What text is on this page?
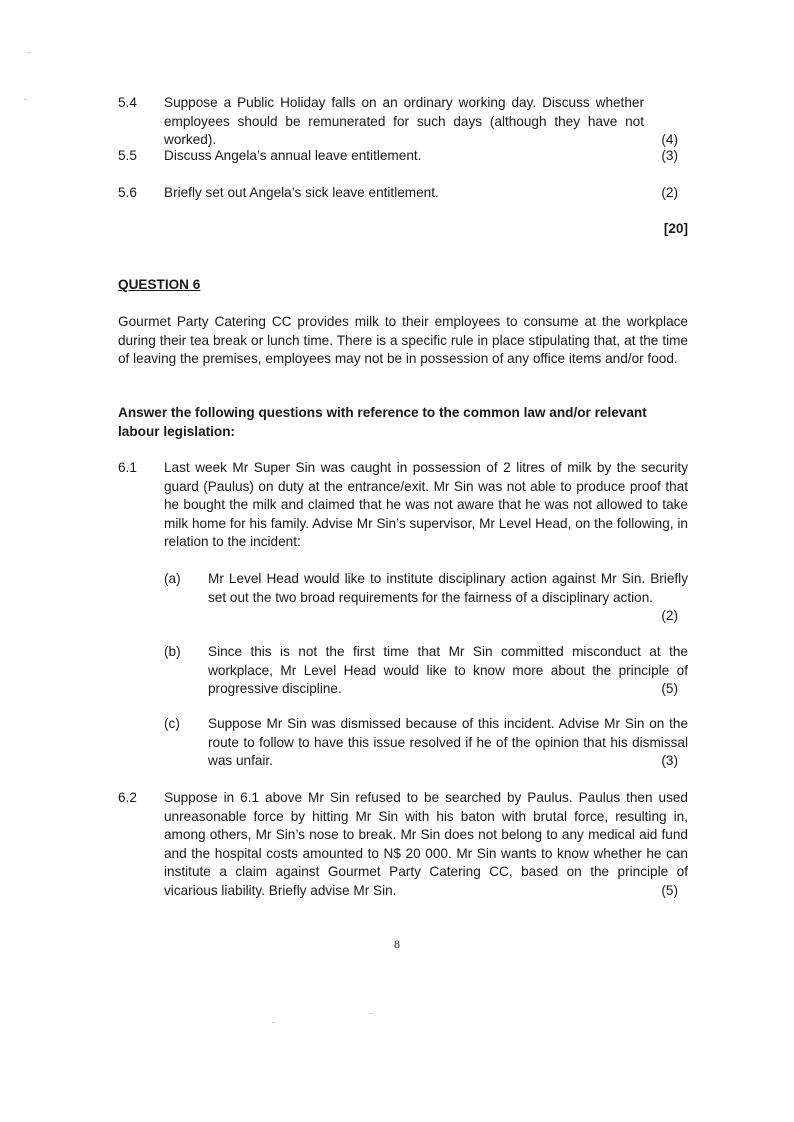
5.4	Suppose a Public Holiday falls on an ordinary working day. Discuss whether employees should be remunerated for such days (although they have not worked).	(4)
5.5	Discuss Angela’s annual leave entitlement.	(3)
5.6	Briefly set out Angela’s sick leave entitlement.	(2)
[20]
QUESTION 6
Gourmet Party Catering CC provides milk to their employees to consume at the workplace during their tea break or lunch time. There is a specific rule in place stipulating that, at the time of leaving the premises, employees may not be in possession of any office items and/or food.
Answer the following questions with reference to the common law and/or relevant labour legislation:
6.1	Last week Mr Super Sin was caught in possession of 2 litres of milk by the security guard (Paulus) on duty at the entrance/exit. Mr Sin was not able to produce proof that he bought the milk and claimed that he was not aware that he was not allowed to take milk home for his family. Advise Mr Sin’s supervisor, Mr Level Head, on the following, in relation to the incident:
(a)	Mr Level Head would like to institute disciplinary action against Mr Sin. Briefly set out the two broad requirements for the fairness of a disciplinary action.
(2)
(b)	Since this is not the first time that Mr Sin committed misconduct at the workplace, Mr Level Head would like to know more about the principle of progressive discipline.	(5)
(c)	Suppose Mr Sin was dismissed because of this incident. Advise Mr Sin on the route to follow to have this issue resolved if he of the opinion that his dismissal was unfair.	(3)
6.2	Suppose in 6.1 above Mr Sin refused to be searched by Paulus. Paulus then used unreasonable force by hitting Mr Sin with his baton with brutal force, resulting in, among others, Mr Sin’s nose to break. Mr Sin does not belong to any medical aid fund and the hospital costs amounted to N$ 20 000. Mr Sin wants to know whether he can institute a claim against Gourmet Party Catering CC, based on the principle of vicarious liability. Briefly advise Mr Sin.	(5)
8
